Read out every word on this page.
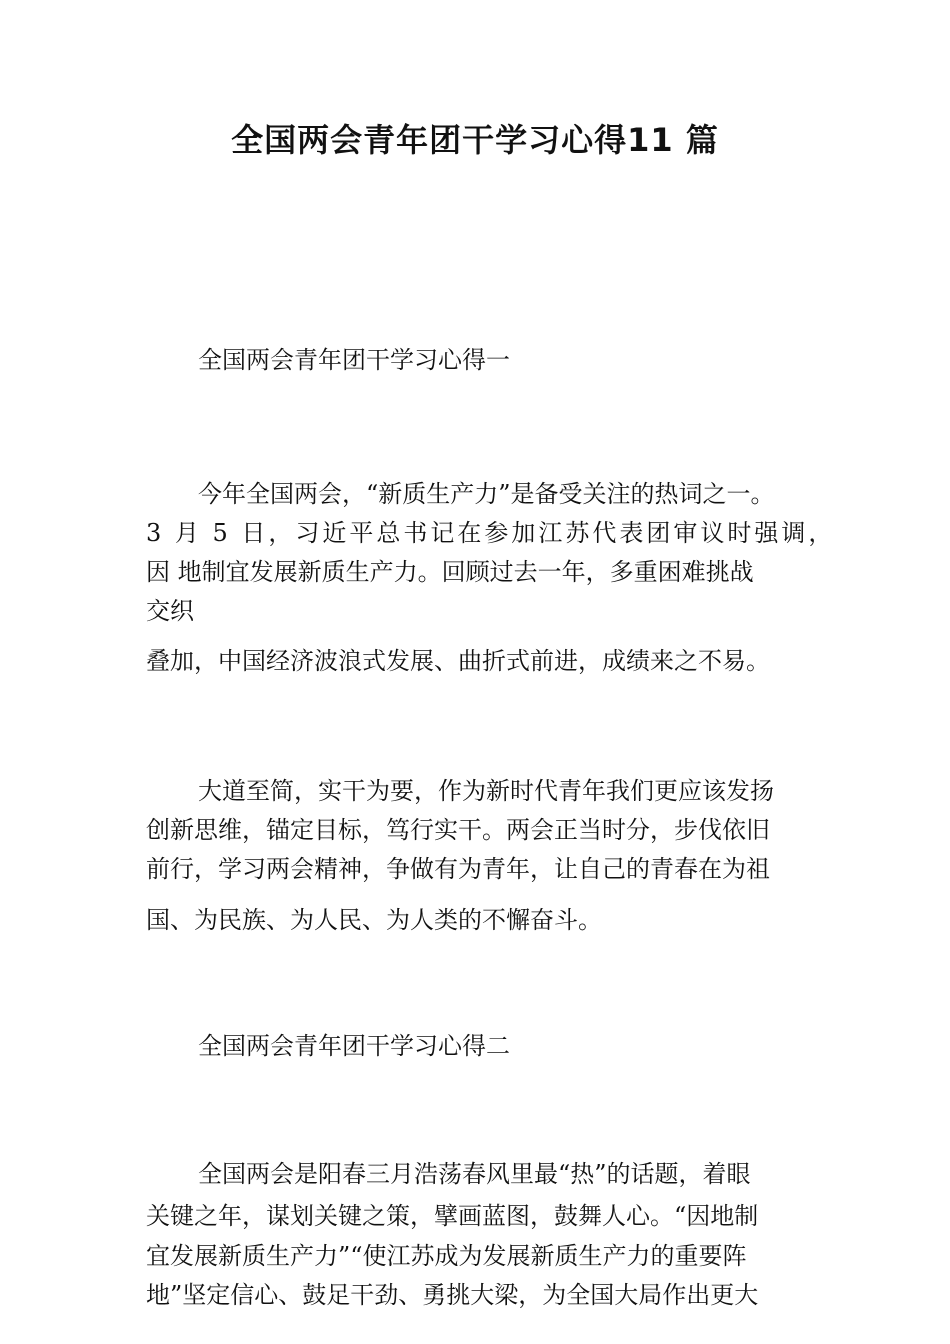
全国两会青年团干学习心得11 篇
全国两会青年团干学习心得一
今年全国两会，“新质生产力”是备受关注的热词之一。
3 月 5 日，习近平总书记在参加江苏代表团审议时强调，
因 地制宜发展新质生产力。回顾过去一年，多重困难挑战
交织
叠加，中国经济波浪式发展、曲折式前进，成绩来之不易。
大道至简，实干为要，作为新时代青年我们更应该发扬
创新思维，锚定目标，笃行实干。两会正当时分，步伐依旧
前行，学习两会精神，争做有为青年，让自己的青春在为祖
国、为民族、为人民、为人类的不懈奋斗。
全国两会青年团干学习心得二
全国两会是阳春三月浩荡春风里最“热”的话题，着眼
关键之年，谋划关键之策，擘画蓝图，鼓舞人心。“因地制
宜发展新质生产力”“使江苏成为发展新质生产力的重要阵
地”坚定信心、鼓足干劲、勇挑大梁，为全国大局作出更大
